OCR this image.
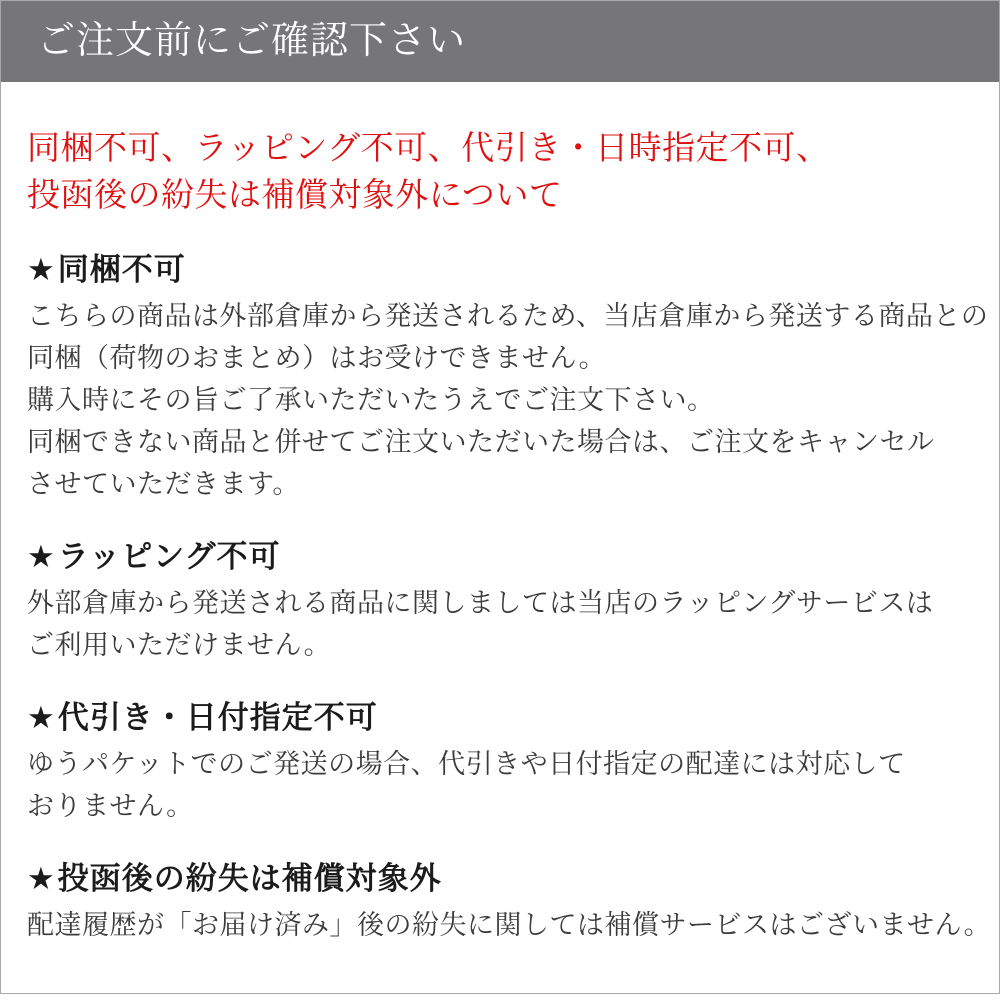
ご注文前にご確認下さい
同梱不可、ラッピング不可、代引き・日時指定不可、
投函後の紛失は補償対象外について
★同梱不可
こちらの商品は外部倉庫から発送されるため、当店倉庫から発送する商品との
同梱（荷物のおまとめ）はお受けできません。
購入時にその旨ご了承いただいたうえでご注文下さい。
同梱できない商品と併せてご注文いただいた場合は、ご注文をキャンセル
させていただきます。
★ラッピング不可
外部倉庫から発送される商品に関しましては当店のラッピングサービスは
ご利用いただけません。
★代引き・日付指定不可
ゆうパケットでのご発送の場合、代引きや日付指定の配達には対応して
おりません。
★投函後の紛失は補償対象外
配達履歴が「お届け済み」後の紛失に関しては補償サービスはございません。
